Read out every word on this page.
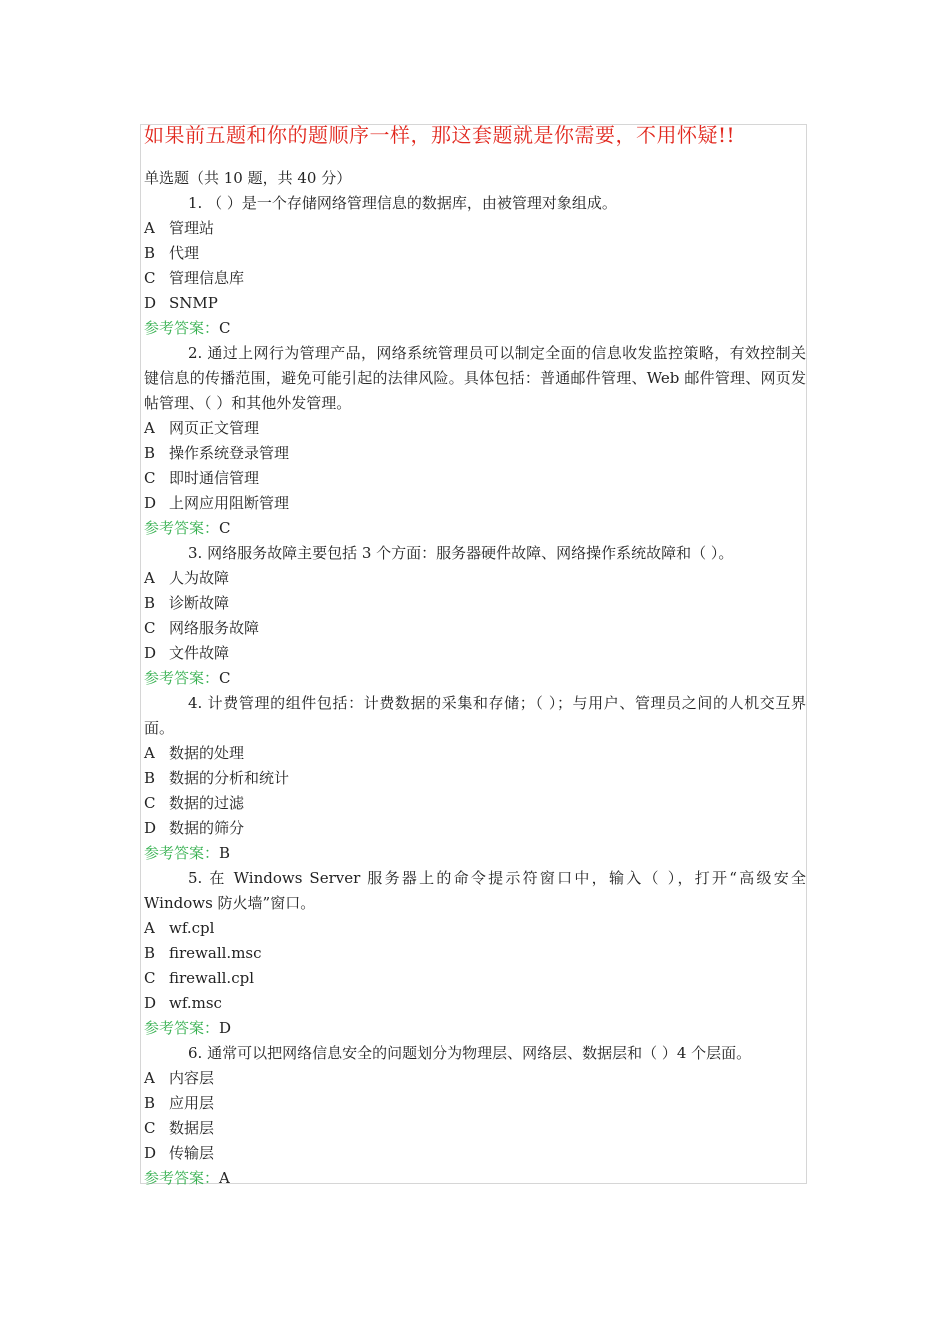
如果前五题和你的题顺序一样，那这套题就是你需要，不用怀疑!!
单选题（共 10 题，共 40 分）
1. （ ）是一个存储网络管理信息的数据库，由被管理对象组成。
A 管理站
B 代理
C 管理信息库
D SNMP
参考答案：C
2. 通过上网行为管理产品，网络系统管理员可以制定全面的信息收发监控策略，有效控制关键信息的传播范围，避免可能引起的法律风险。具体包括：普通邮件管理、Web 邮件管理、网页发帖管理、（ ）和其他外发管理。
A 网页正文管理
B 操作系统登录管理
C 即时通信管理
D 上网应用阻断管理
参考答案：C
3. 网络服务故障主要包括 3 个方面：服务器硬件故障、网络操作系统故障和（ ）。
A 人为故障
B 诊断故障
C 网络服务故障
D 文件故障
参考答案：C
4. 计费管理的组件包括：计费数据的采集和存储；（ ）；与用户、管理员之间的人机交互界面。
A 数据的处理
B 数据的分析和统计
C 数据的过滤
D 数据的筛分
参考答案：B
5. 在 Windows Server 服务器上的命令提示符窗口中，输入（ ），打开“高级安全 Windows 防火墙”窗口。
A wf.cpl
B firewall.msc
C firewall.cpl
D wf.msc
参考答案：D
6. 通常可以把网络信息安全的问题划分为物理层、网络层、数据层和（ ）4 个层面。
A 内容层
B 应用层
C 数据层
D 传输层
参考答案：A
